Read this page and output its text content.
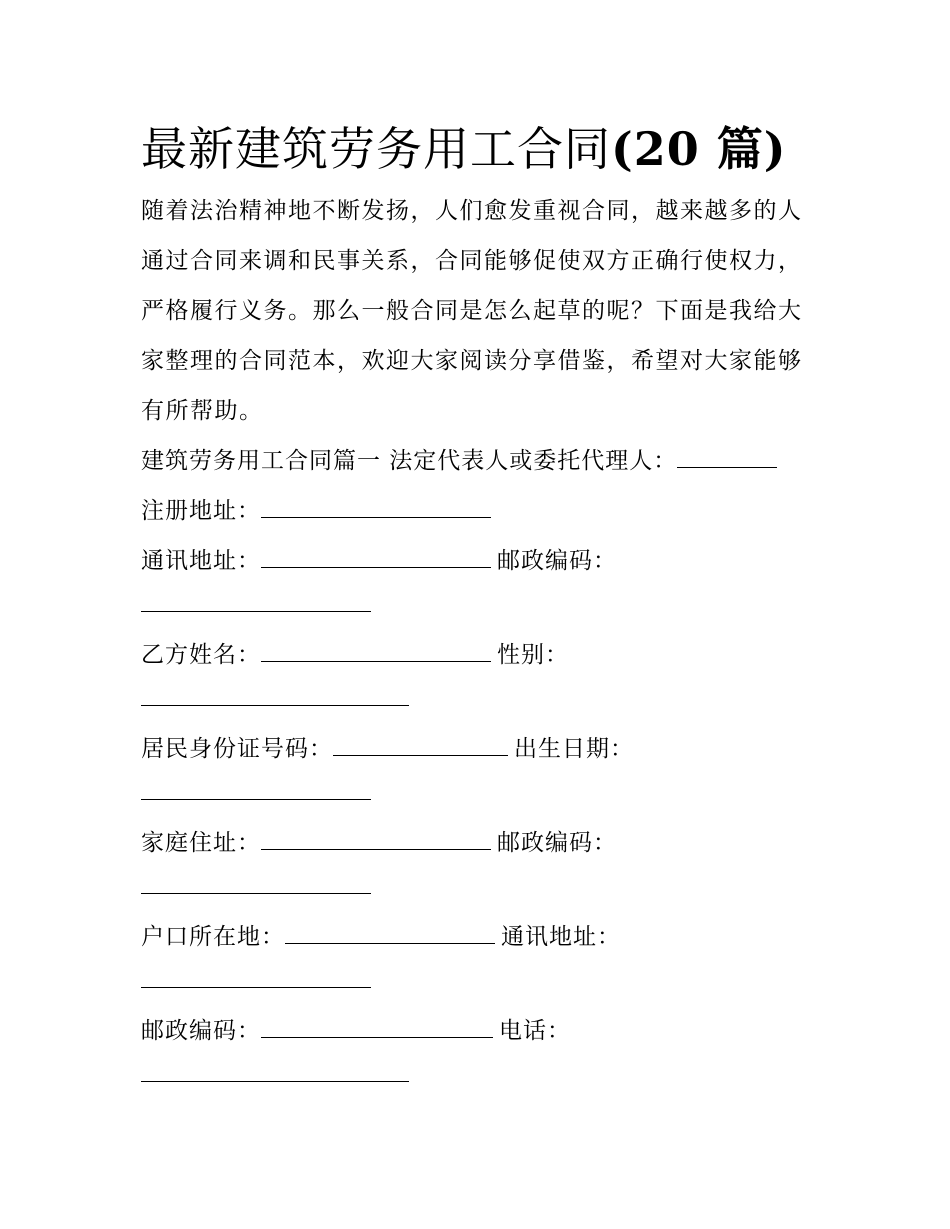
最新建筑劳务用工合同(20 篇)

随着法治精神地不断发扬，人们愈发重视合同，越来越多的人通过合同来调和民事关系，合同能够促使双方正确行使权力，严格履行义务。那么一般合同是怎么起草的呢？下面是我给大家整理的合同范本，欢迎大家阅读分享借鉴，希望对大家能够有所帮助。

建筑劳务用工合同篇一 法定代表人或委托代理人：
注册地址：
通讯地址：	邮政编码：
乙方姓名：	性别：
居民身份证号码：	出生日期：
家庭住址：	邮政编码：
户口所在地：	通讯地址：
邮政编码：	电话：
